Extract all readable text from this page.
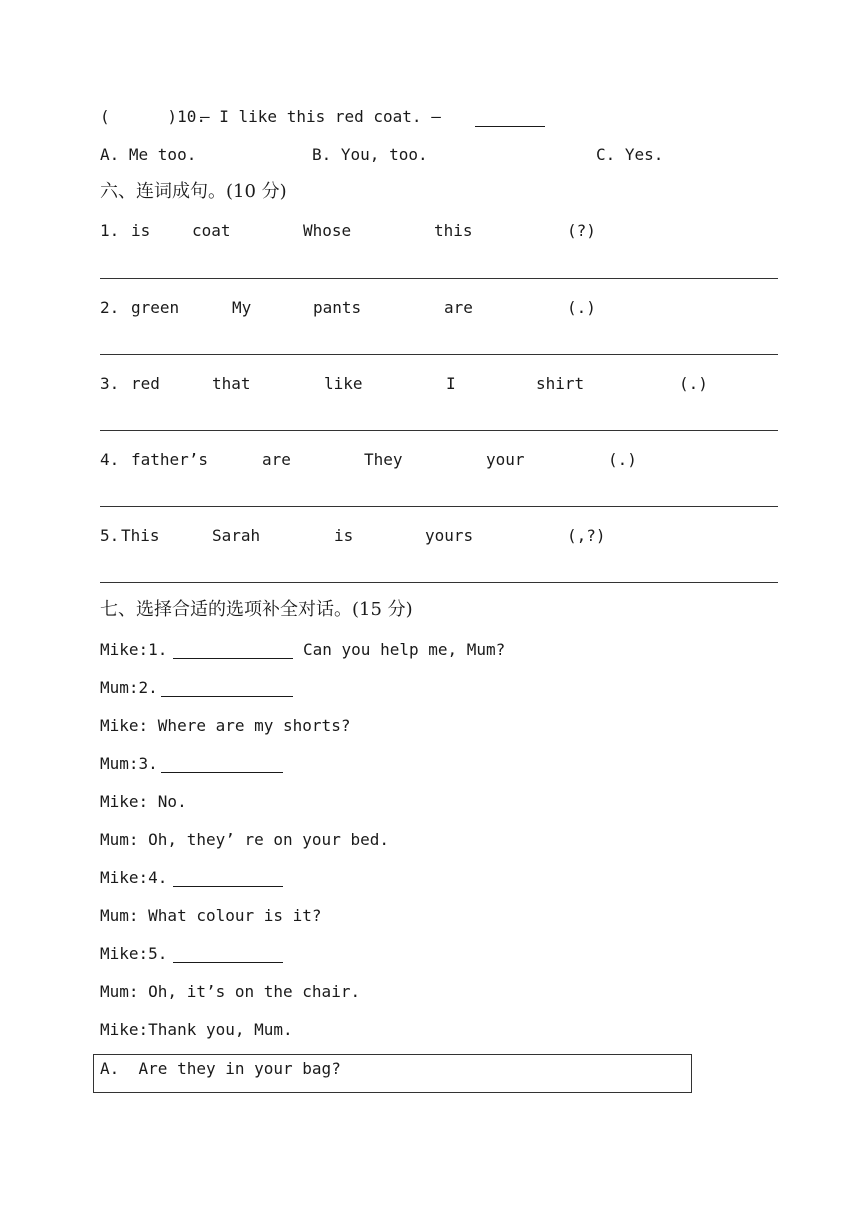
(      )10.
— I like this red coat. —
A. Me too.	B. You, too.	C. Yes.
六、连词成句。(10 分)
1. is	coat	Whose	this	(?)
2. green	My	pants	are	(.)
3. red	that	like	I	shirt	(.)
4. father’s	are	They	your	(.)
5. This	Sarah	is	yours	(,?)
七、选择合适的选项补全对话。(15 分)
Mike:1.	Can you help me, Mum?
Mum:2.
Mike: Where are my shorts?
Mum:3.
Mike: No.
Mum: Oh, they’ re on your bed.
Mike:4.
Mum: What colour is it?
Mike:5.
Mum: Oh, it’s on the chair.
Mike:Thank you, Mum.
A.  Are they in your bag?
